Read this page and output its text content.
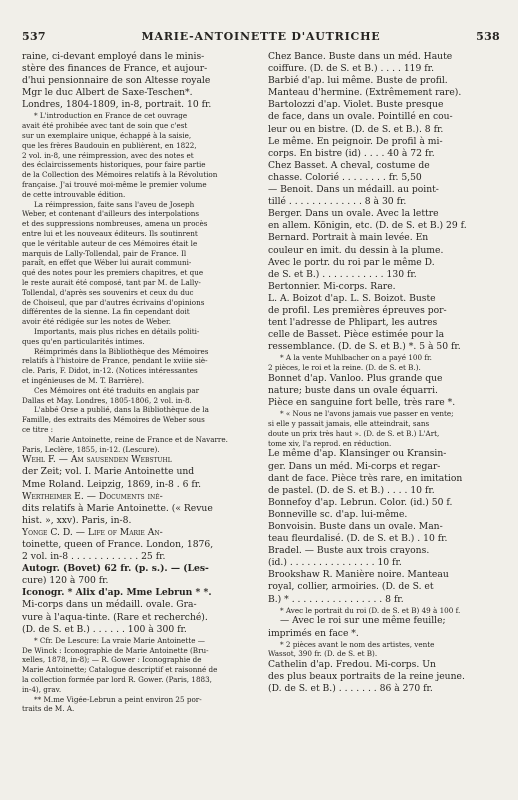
537	MARIE-ANTOINETTE D'AUTRICHE	538

raine, ci-devant employé dans le minis-

stère des finances de France, et aujour-

d'hui pensionnaire de son Altesse royale

Mgr le duc Albert de Saxe-Teschen*.

Londres, 1804-1809, in-8, portrait. 10 fr.

* L'introduction en France de cet ouvrage

avait été prohibée avec tant de soin que c'est

sur un exemplaire unique, échappé à la saisie,

que les frères Baudouin en publièrent, en 1822,

2 vol. in-8, une réimpression, avec des notes et

des éclaircissements historiques, pour faire partie

de la Collection des Mémoires relatifs à la Révolution

française. J'ai trouvé moi-même le premier volume

de cette introuvable édition.

La réimpression, faite sans l'aveu de Joseph

Weber, et contenant d'ailleurs des interpolations

et des suppressions nombreuses, amena un procès

entre lui et les nouveaux éditeurs. Ils soutinrent

que le véritable auteur de ces Mémoires était le

marquis de Lally-Tollendal, pair de France. Il

paraît, en effet que Wéber lui aurait communi-

qué des notes pour les premiers chapitres, et que

le reste aurait été composé, tant par M. de Lally-

Tollendal, d'après ses souvenirs et ceux du duc

de Choiseul, que par d'autres écrivains d'opinions

différentes de la sienne. La fin cependant doit

avoir été rédigée sur les notes de Weber.

Importants, mais plus riches en détails politi-

ques qu'en particularités intimes.

Réimprimés dans la Bibliothèque des Mémoires

relatifs à l'histoire de France, pendant le xviiie siè-

cle. Paris, F. Didot, in-12. (Notices intéressantes

et ingénieuses de M. T. Barrière).

Ces Mémoires ont été traduits en anglais par

Dallas et May. Londres, 1805-1806, 2 vol. in-8.

L'abbé Orse a publié, dans la Bibliothèque de la

Famille, des extraits des Mémoires de Weber sous

ce titre :

Marie Antoinette, reine de France et de Navarre.

Paris, Leclère, 1855, in-12. (Lescure).

Wehl F. — Am sausenden Webstuhl

der Zeit; vol. I. Marie Antoinette und

Mme Roland. Leipzig, 1869, in-8 . 6 fr.

Wertheimer E. — Documents iné-

dits relatifs à Marie Antoinette. (« Revue

hist. », xxv). Paris, in-8.

Yonge C. D. — Life of Marie An-

toinette, queen of France. London, 1876,

2 vol. in-8 . . . . . . . . . . . . 25 fr.

Autogr. (Bovet) 62 fr. (p. s.). — (Les-

cure) 120 à 700 fr.

Iconogr. * Alix d'ap. Mme Lebrun * *.

Mi-corps dans un médaill. ovale. Gra-

vure à l'aqua-tinte. (Rare et recherché).

(D. de S. et B.) . . . . . . 100 à 300 fr.

* Cfr. De Lescure: La vraie Marie Antoinette —

De Winck : Iconographie de Marie Antoinette (Bru-

xelles, 1878, in-8); — R. Gower : Iconographie de

Marie Antoinette; Catalogue descriptif et raisonné de

la collection formée par lord R. Gower. (Paris, 1883,

in-4), grav.

** M.me Vigée-Lebrun a peint environ 25 por-

traits de M. A.

Chez Bance. Buste dans un méd. Haute

coiffure. (D. de S. et B.) . . . . 119 fr.

Barbié d'ap. lui même. Buste de profil.

Manteau d'hermine. (Extrêmement rare).

Bartolozzi d'ap. Violet. Buste presque

de face, dans un ovale. Pointillé en cou-

leur ou en bistre. (D. de S. et B.). 8 fr.

Le même. En peignoir. De profil à mi-

corps. En bistre (id) . . . . 40 à 72 fr.

Chez Basset. A cheval, costume de

chasse. Colorié . . . . . . . . fr. 5,50

— Benoit. Dans un médaill. au point-

tillé . . . . . . . . . . . . . 8 à 30 fr.

Berger. Dans un ovale. Avec la lettre

en allem. Königin, etc. (D. de S. et B.) 29 f.

Bernard. Portrait à main levée. En

couleur en imit. du dessin à la plume.

Avec le portr. du roi par le même D.

de S. et B.) . . . . . . . . . . . 130 fr.

Bertonnier. Mi-corps. Rare.

L. A. Boizot d'ap. L. S. Boizot. Buste

de profil. Les premières épreuves por-

tent l'adresse de Phlipart, les autres

celle de Basset. Pièce estimée pour la

ressemblance. (D. de S. et B.) *. 5 à 50 fr.

* A la vente Muhlbacher on a payé 100 fr.

2 pièces, le roi et la reine. (D. de S. et B.).

Bonnet d'ap. Vanloo. Plus grande que

nature; buste dans un ovale équarri.

Pièce en sanguine fort belle, très rare *.

* « Nous ne l'avons jamais vue passer en vente;

si elle y passait jamais, elle atteindrait, sans

doute un prix très haut ». (D. de S. et B.) L'Art,

tome xiv, l'a reprod. en réduction.

Le même d'ap. Klansinger ou Kransin-

ger. Dans un méd. Mi-corps et regar-

dant de face. Pièce très rare, en imitation

de pastel. (D. de S. et B.) . . . . 10 fr.

Bonnefoy d'ap. Lebrun. Color. (id.) 50 f.

Bonneville sc. d'ap. lui-même.

Bonvoisin. Buste dans un ovale. Man-

teau fleurdalisé. (D. de S. et B.) . 10 fr.

Bradel. — Buste aux trois crayons.

(id.) . . . . . . . . . . . . . . . 10 fr.

Brookshaw R. Manière noire. Manteau

royal, collier, armoiries. (D. de S. et

B.) * . . . . . . . . . . . . . . . . 8 fr.

* Avec le portrait du roi (D. de S. et B) 49 à 100 f.

— Avec le roi sur une même feuille;

imprimés en face *.

* 2 pièces avant le nom des artistes, vente

Wassot, 390 fr. (D. de S. et B).

Cathelin d'ap. Fredou. Mi-corps. Un

des plus beaux portraits de la reine jeune.

(D. de S. et B.) . . . . . . . 86 à 270 fr.
